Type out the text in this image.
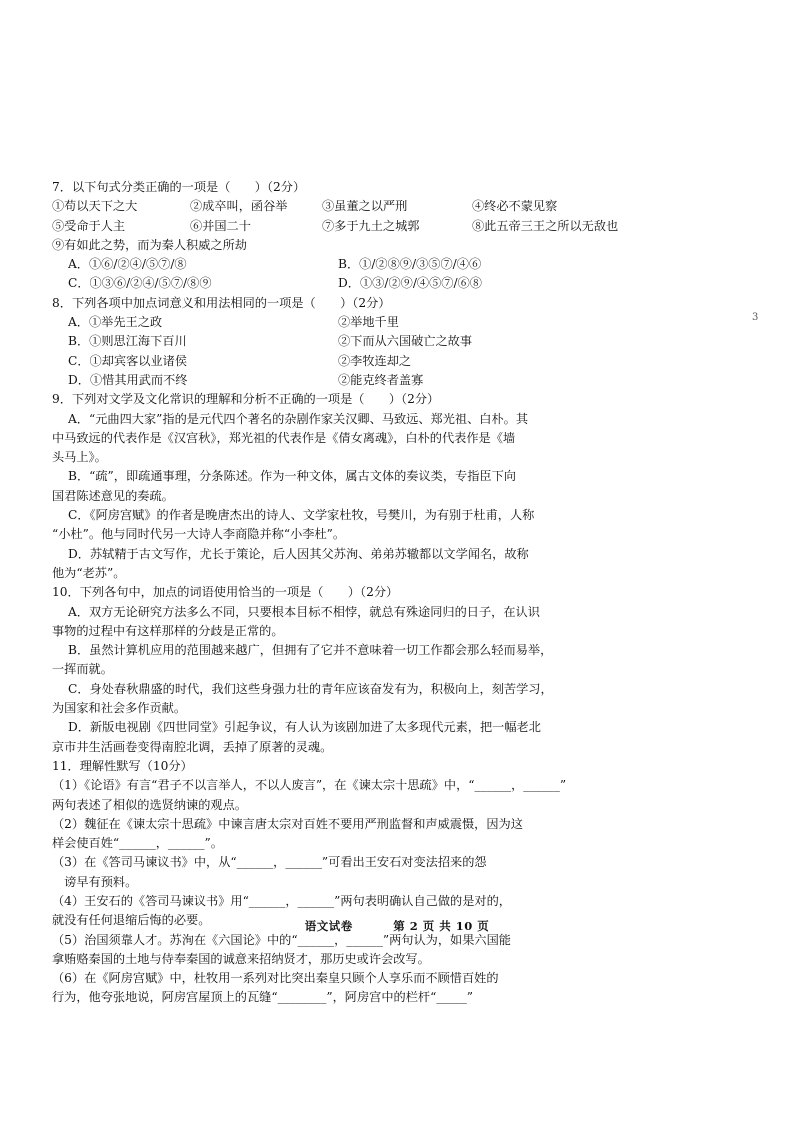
3
7．以下句式分类正确的一项是（　　）（2分）
①苟以天下之大	②成卒叫，函谷举	③虽董之以严刑	④终必不蒙见察
⑤受命于人主	⑥并国二十	⑦多于九土之城郭	⑧此五帝三王之所以无敌也
⑨有如此之势，而为秦人积威之所劫
A．①⑥/②④/⑤⑦/⑧	B．①/②⑧⑨/③⑤⑦/④⑥
C．①③⑥/②④/⑤⑦/⑧⑨	D．①③/②⑨/④⑤⑦/⑥⑧
8．下列各项中加点词意义和用法相同的一项是（　　）（2分）
A．①举先王之政	②举地千里
B．①则思江海下百川	②下而从六国破亡之故事
C．①却宾客以业诸侯	②李牧连却之
D．①惜其用武而不终	②能克终者盖寡
9．下列对文学及文化常识的理解和分析不正确的一项是（　　）（2分）
A．“元曲四大家”指的是元代四个著名的杂剧作家关汉卿、马致远、郑光祖、白朴。其
中马致远的代表作是《汉宫秋》，郑光祖的代表作是《倩女离魂》，白朴的代表作是《墙
头马上》。
B．“疏”，即疏通事理，分条陈述。作为一种文体，属古文体的奏议类，专指臣下向
国君陈述意见的奏疏。
C．《阿房宫赋》的作者是晚唐杰出的诗人、文学家杜牧，号樊川，为有别于杜甫，人称
“小杜”。他与同时代另一大诗人李商隐并称“小李杜”。
D．苏轼精于古文写作，尤长于策论，后人因其父苏洵、弟弟苏辙都以文学闻名，故称
他为“老苏”。
10．下列各句中，加点的词语使用恰当的一项是（　　）（2分）
A．双方无论研究方法多么不同，只要根本目标不相悖，就总有殊途同归的日子，在认识
事物的过程中有这样那样的分歧是正常的。
B．虽然计算机应用的范围越来越广，但拥有了它并不意味着一切工作都会那么轻而易举，
一挥而就。
C．身处春秋鼎盛的时代，我们这些身强力壮的青年应该奋发有为，积极向上，刻苦学习，
为国家和社会多作贡献。
D．新版电视剧《四世同堂》引起争议，有人认为该剧加进了太多现代元素，把一幅老北
京市井生活画卷变得南腔北调，丢掉了原著的灵魂。
11．理解性默写（10分）
（1）《论语》有言“君子不以言举人，不以人废言”，在《谏太宗十思疏》中，“______，______”
两句表述了相似的选贤纳谏的观点。
（2）魏征在《谏太宗十思疏》中谏言唐太宗对百姓不要用严刑监督和声威震慑，因为这
样会使百姓“______，______”。
（3）在《答司马谏议书》中，从“______，______”可看出王安石对变法招来的怨
　谤早有预料。
（4）王安石的《答司马谏议书》用“______，______”两句表明确认自己做的是对的，
就没有任何退缩后悔的必要。
（5）治国须靠人才。苏洵在《六国论》中的“______，______”两句认为，如果六国能
拿贿赂秦国的土地与侍奉秦国的诚意来招纳贤才，那历史或许会改写。
（6）在《阿房宫赋》中，杜牧用一系列对比突出秦皇只顾个人享乐而不顾惜百姓的
行为，他夸张地说，阿房宫屋顶上的瓦缝“________”，阿房宫中的栏杆“_____”
语文试卷	第 2 页 共 10 页
